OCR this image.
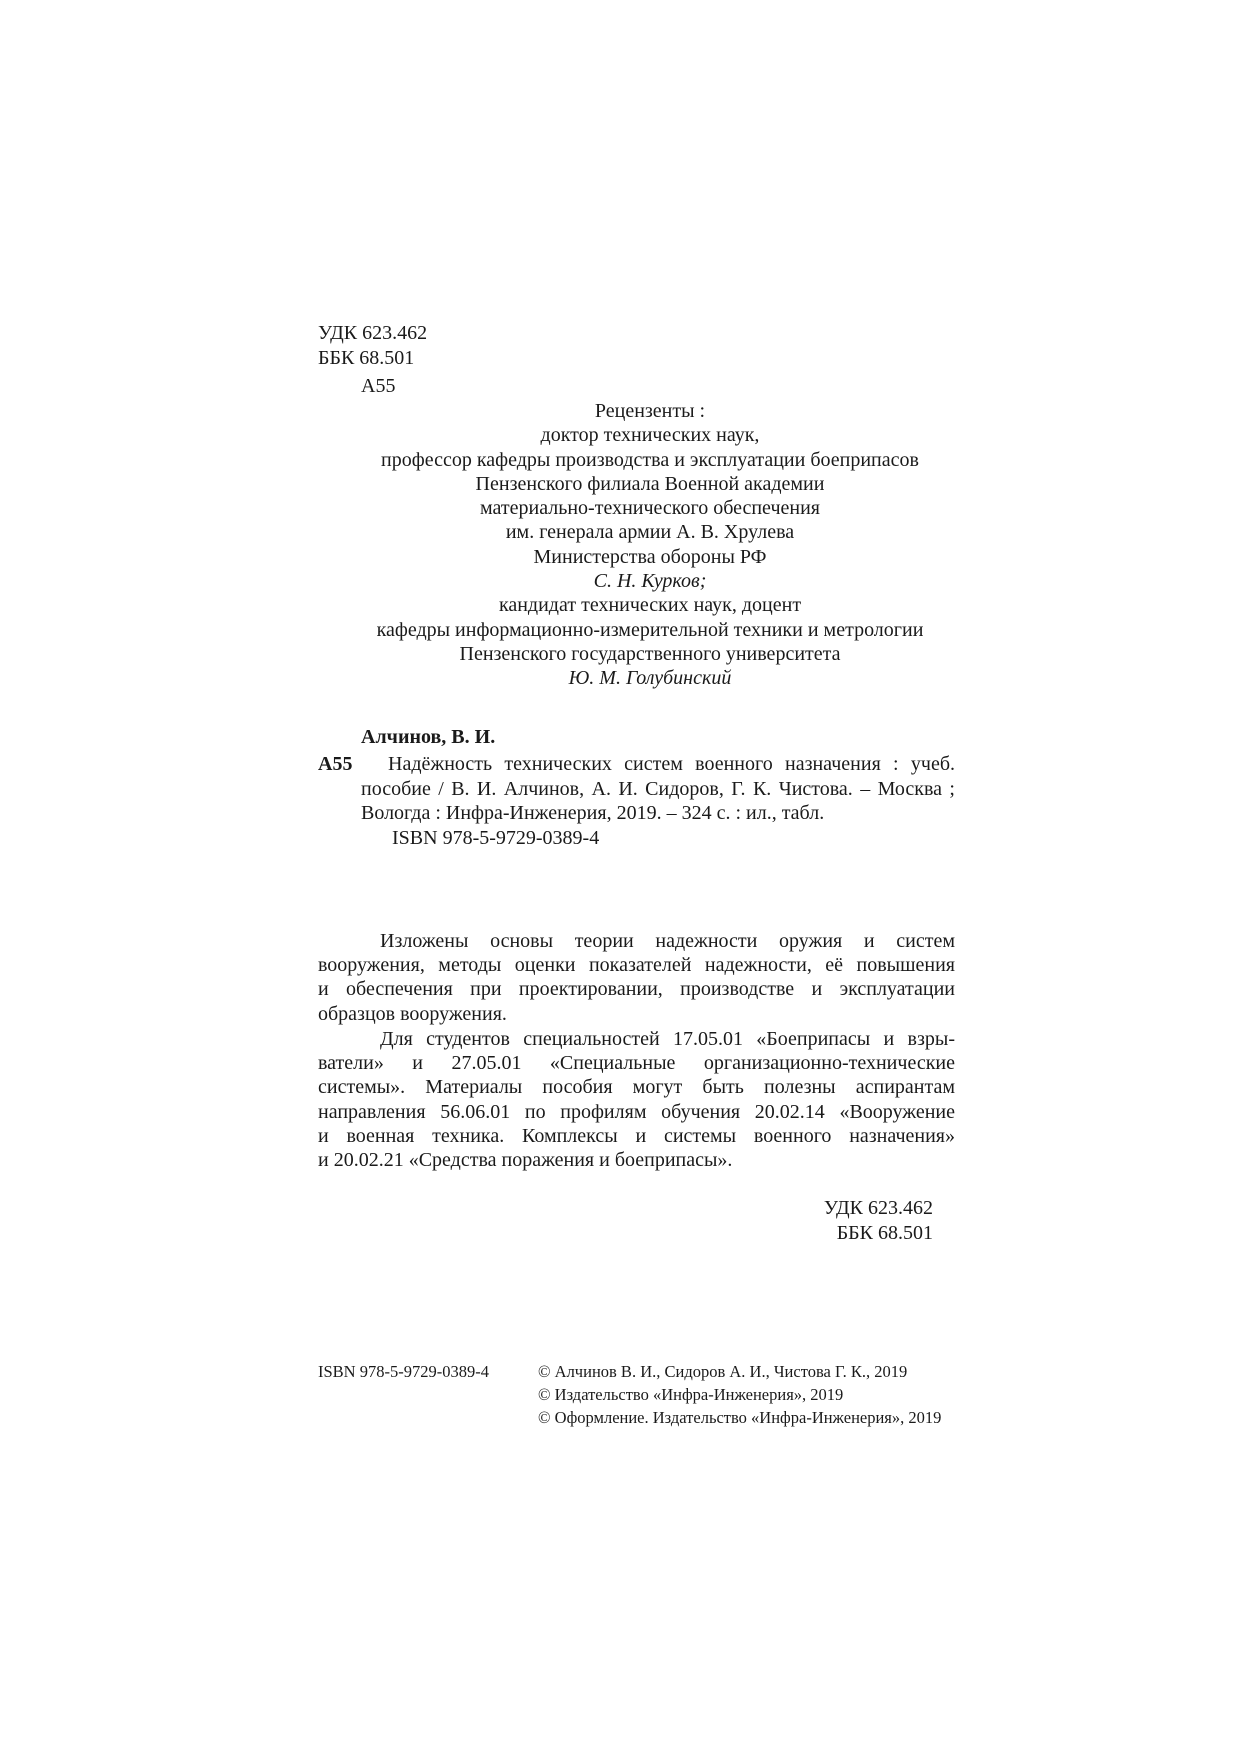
УДК 623.462
ББК 68.501
А55
Рецензенты :
доктор технических наук,
профессор кафедры производства и эксплуатации боеприпасов
Пензенского филиала Военной академии
материально-технического обеспечения
им. генерала армии А. В. Хрулева
Министерства обороны РФ
С. Н. Курков;
кандидат технических наук, доцент
кафедры информационно-измерительной техники и метрологии
Пензенского государственного университета
Ю. М. Голубинский
Алчинов, В. И.
А55 Надёжность технических систем военного назначения : учеб.
пособие / В. И. Алчинов, А. И. Сидоров, Г. К. Чистова. – Москва ;
Вологда : Инфра-Инженерия, 2019. – 324 с. : ил., табл.
ISBN 978-5-9729-0389-4
Изложены основы теории надежности оружия и систем
вооружения, методы оценки показателей надежности, её повышения
и обеспечения при проектировании, производстве и эксплуатации
образцов вооружения.
Для студентов специальностей 17.05.01 «Боеприпасы и взры-
ватели» и 27.05.01 «Специальные организационно-технические
системы». Материалы пособия могут быть полезны аспирантам
направления 56.06.01 по профилям обучения 20.02.14 «Вооружение
и военная техника. Комплексы и системы военного назначения»
и 20.02.21 «Средства поражения и боеприпасы».
УДК 623.462
ББК 68.501
ISBN 978-5-9729-0389-4	© Алчинов В. И., Сидоров А. И., Чистова Г. К., 2019
© Издательство «Инфра-Инженерия», 2019
© Оформление. Издательство «Инфра-Инженерия», 2019
